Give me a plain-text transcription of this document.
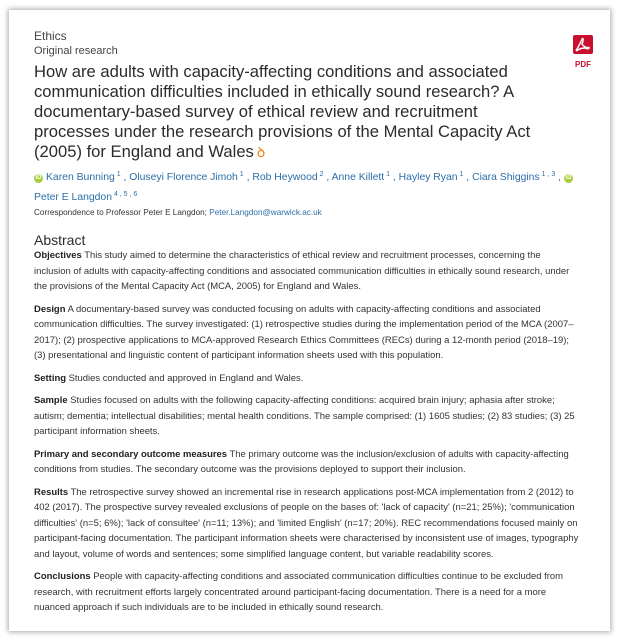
Ethics
Original research
How are adults with capacity-affecting conditions and associated communication difficulties included in ethically sound research? A documentary-based survey of ethical review and recruitment processes under the research provisions of the Mental Capacity Act (2005) for England and Wales ꝺ
iD Karen Bunning $^1$ , Oluseyi Florence Jimoh $^1$ , Rob Heywood $^2$ , Anne Killett $^1$ , Hayley Ryan $^1$ , Ciara Shiggins $^{1 , 3}$ , iDPeter E Langdon $^{4 , 5 , 6}$
Correspondence to Professor Peter E Langdon; Peter.Langdon@warwick.ac.uk
Abstract

Objectives This study aimed to determine the characteristics of ethical review and recruitment processes, concerning the inclusion of adults with capacity-affecting conditions and associated communication difficulties in ethically sound research, under the provisions of the Mental Capacity Act (MCA, 2005) for England and Wales.

Design A documentary-based survey was conducted focusing on adults with capacity-affecting conditions and associated communication difficulties. The survey investigated: (1) retrospective studies during the implementation period of the MCA (2007–2017); (2) prospective applications to MCA-approved Research Ethics Committees (RECs) during a 12-month period (2018–19); (3) presentational and linguistic content of participant information sheets used with this population.

Setting Studies conducted and approved in England and Wales.

Sample Studies focused on adults with the following capacity-affecting conditions: acquired brain injury; aphasia after stroke; autism; dementia; intellectual disabilities; mental health conditions. The sample comprised: (1) 1605 studies; (2) 83 studies; (3) 25 participant information sheets.

Primary and secondary outcome measures The primary outcome was the inclusion/exclusion of adults with capacity-affecting conditions from studies. The secondary outcome was the provisions deployed to support their inclusion.

Results The retrospective survey showed an incremental rise in research applications post-MCA implementation from 2 (2012) to 402 (2017). The prospective survey revealed exclusions of people on the bases of: 'lack of capacity' (n=21; 25%); 'communication difficulties' (n=5; 6%); 'lack of consultee' (n=11; 13%); and 'limited English' (n=17; 20%). REC recommendations focused mainly on participant-facing documentation. The participant information sheets were characterised by inconsistent use of images, typography and layout, volume of words and sentences; some simplified language content, but variable readability scores.

Conclusions People with capacity-affecting conditions and associated communication difficulties continue to be excluded from research, with recruitment efforts largely concentrated around participant-facing documentation. There is a need for a more nuanced approach if such individuals are to be included in ethically sound research.

PDF
